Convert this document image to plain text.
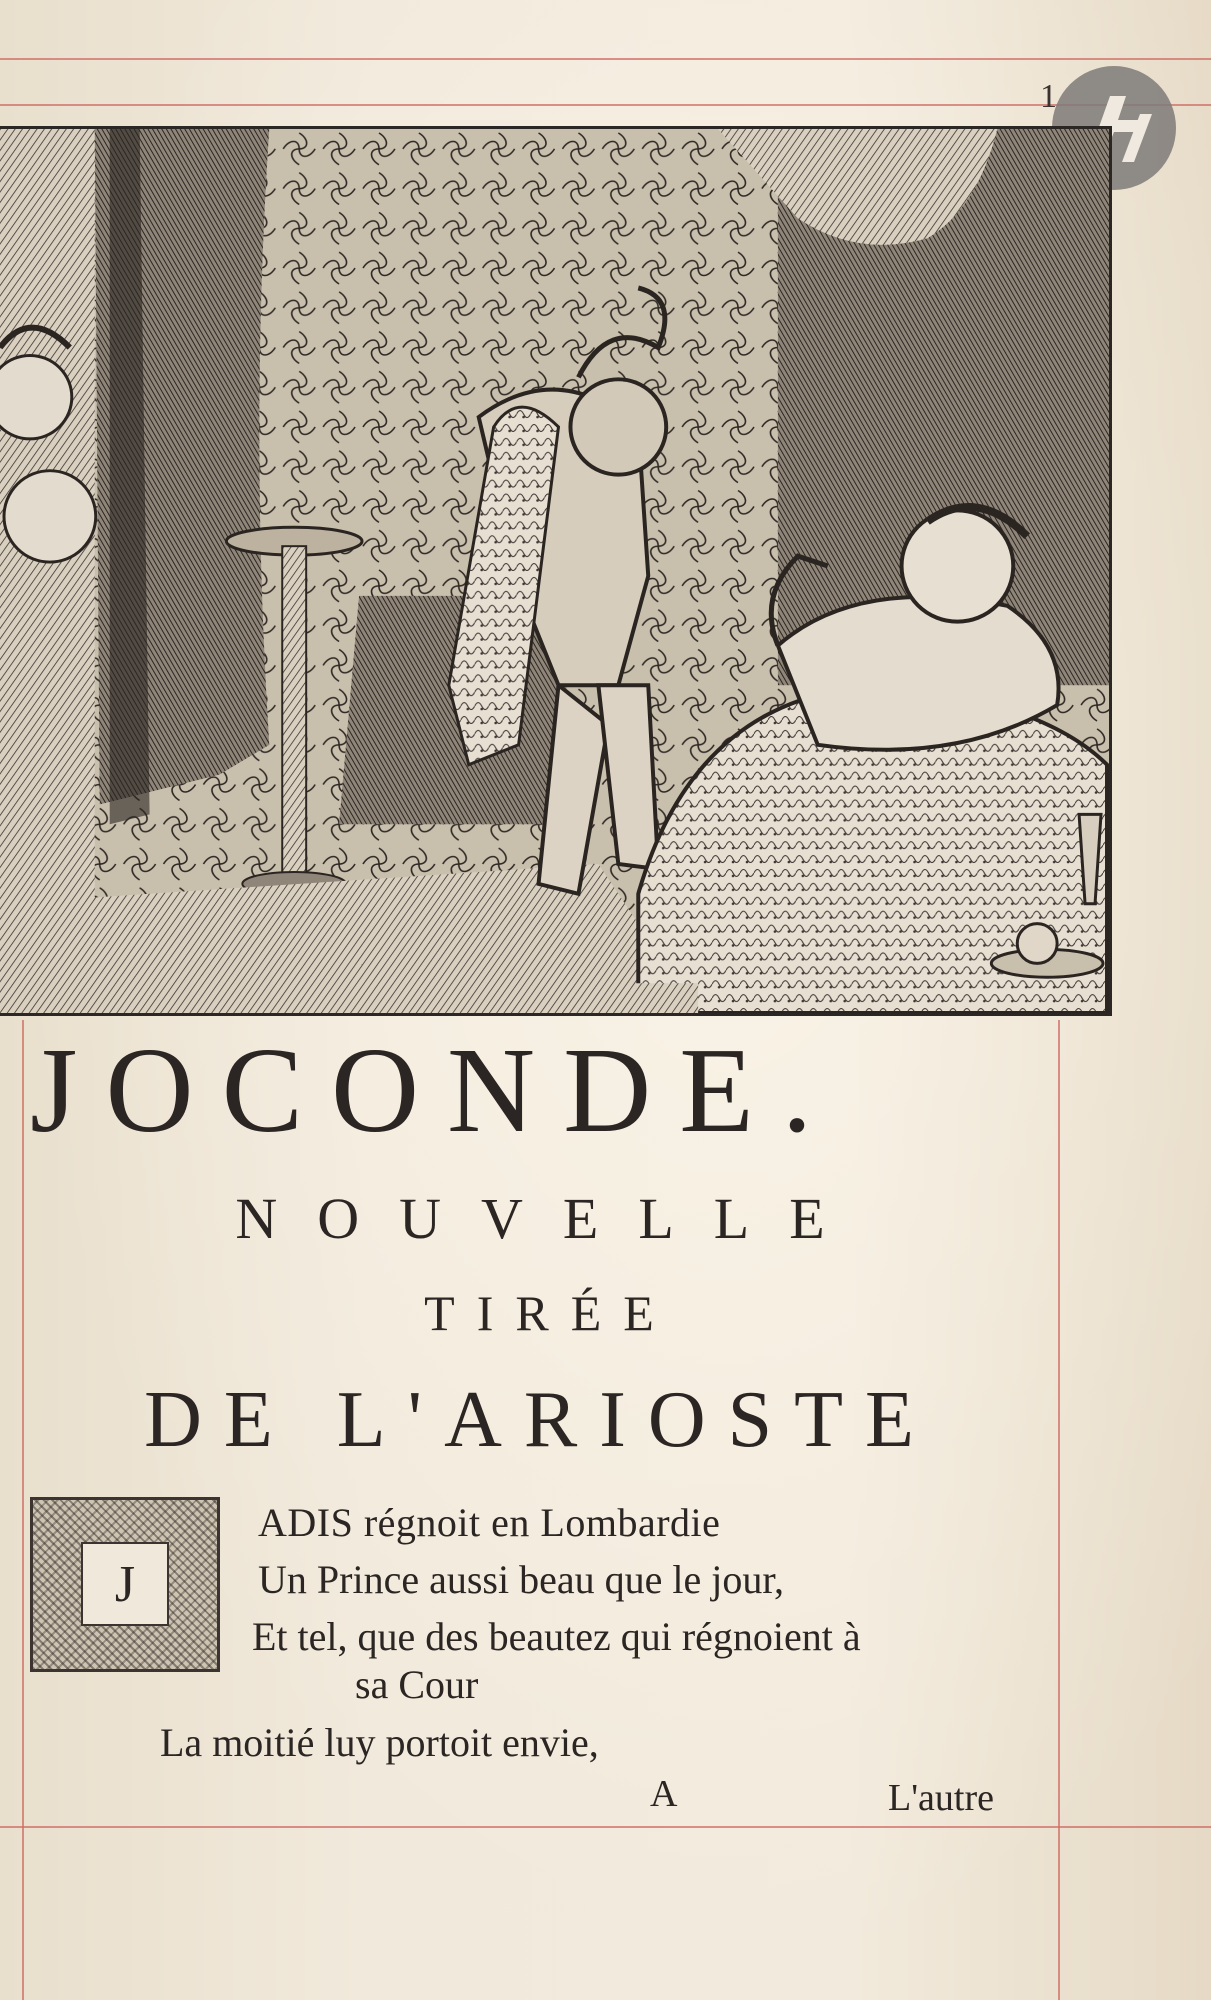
1
JOCONDE.
NOUVELLE
TIRÉE
DE L'ARIOSTE
J
ADIS régnoit en Lombardie
Un Prince aussi beau que le jour,
Et tel, que des beautez qui régnoient à
sa Cour
La moitié luy portoit envie,
A	L'autre
